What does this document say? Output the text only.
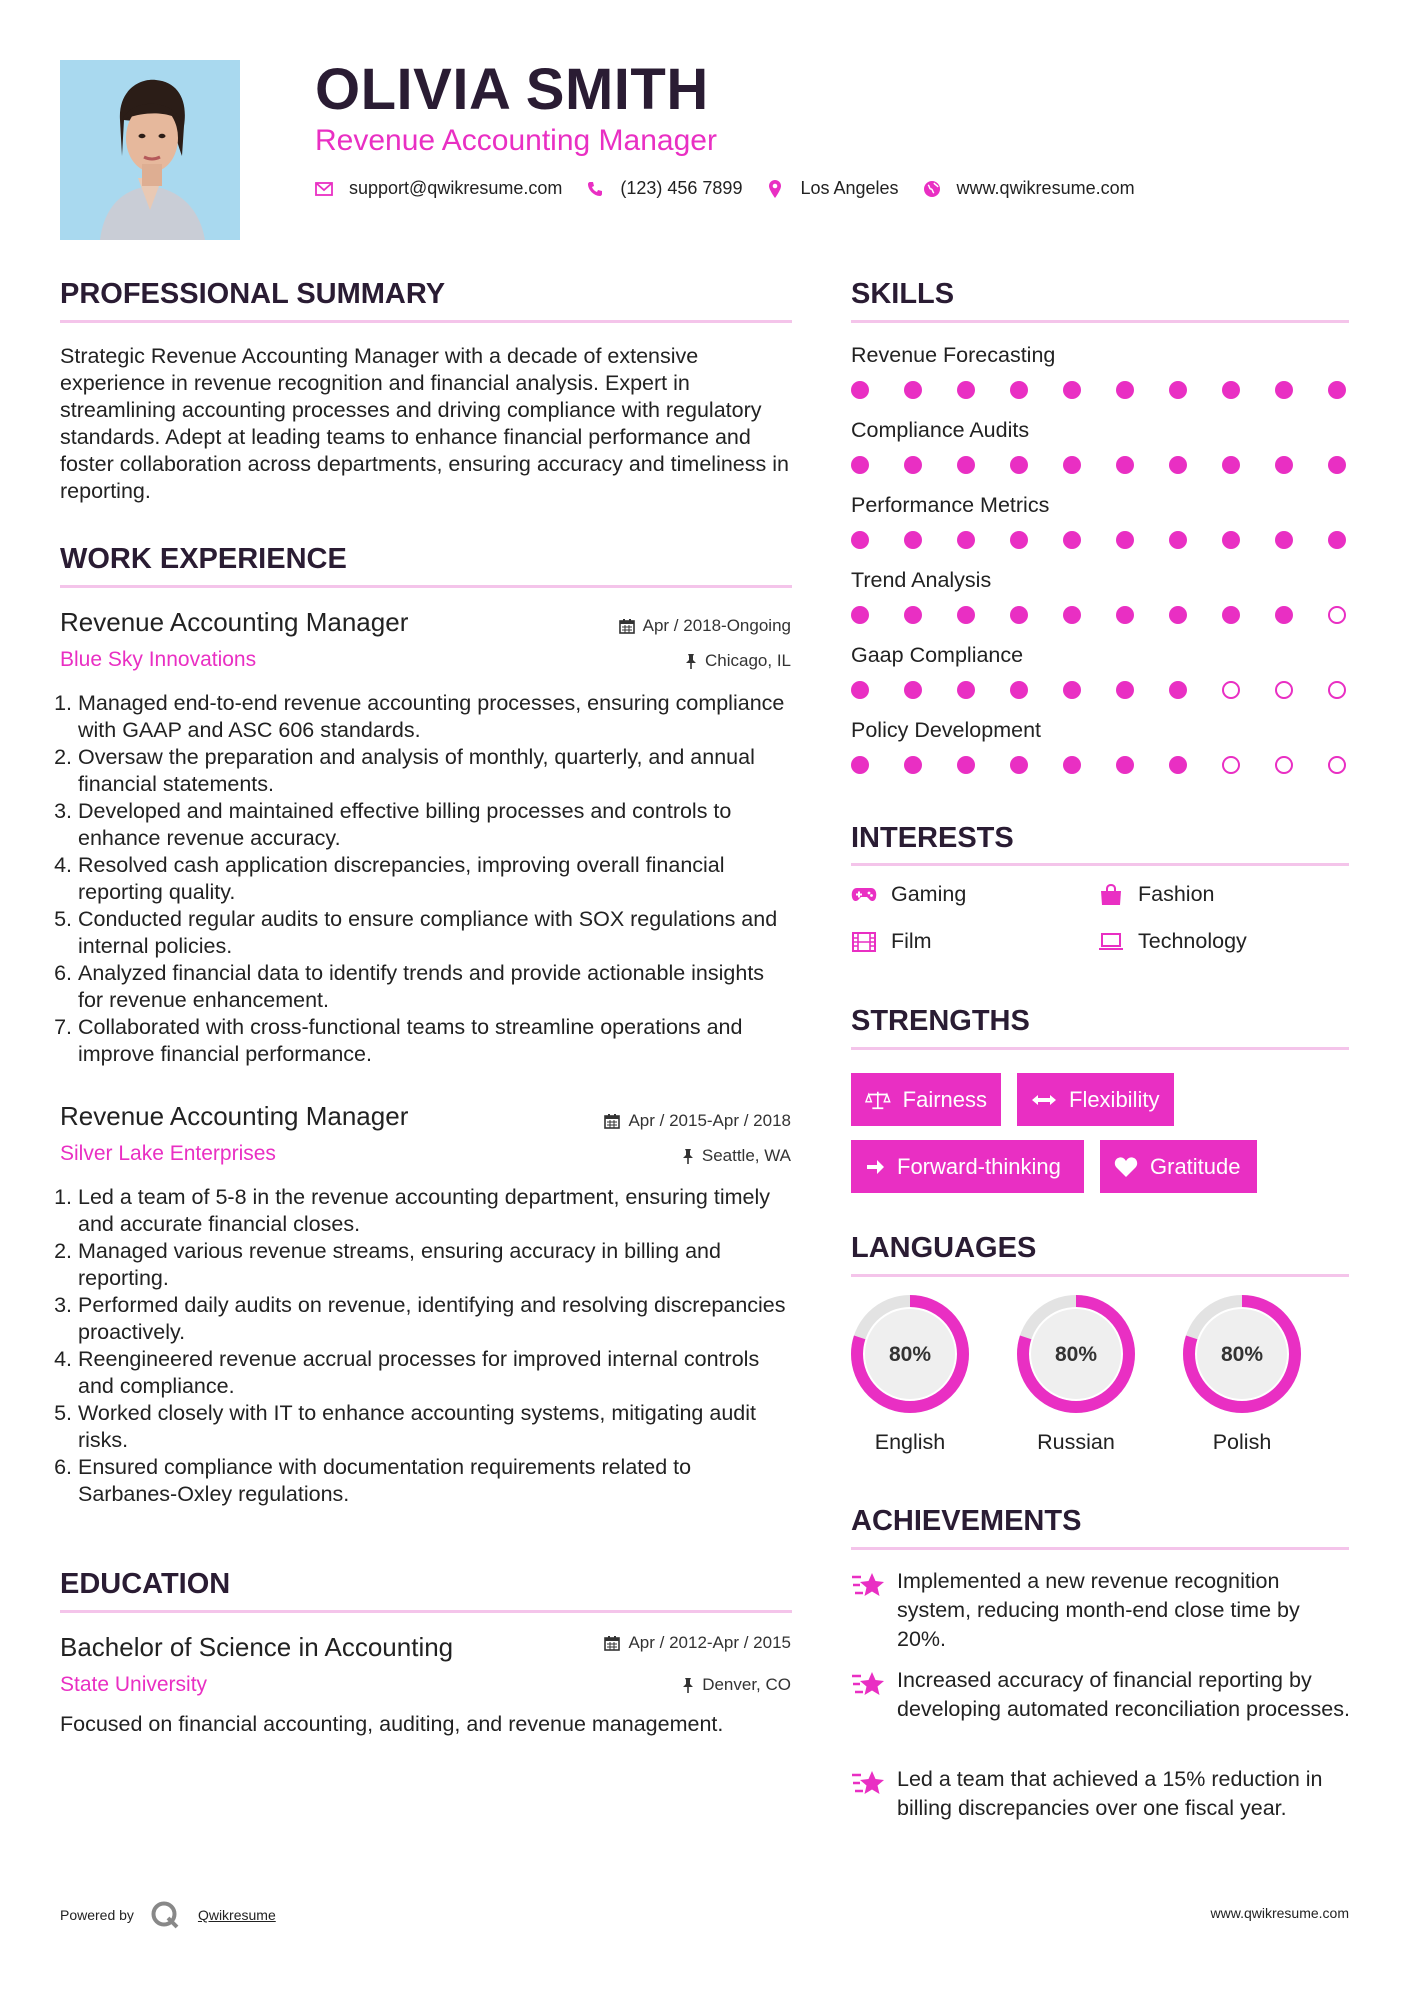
OLIVIA SMITH
Revenue Accounting Manager
support@qwikresume.com	(123) 456 7899	Los Angeles	www.qwikresume.com
PROFESSIONAL SUMMARY
Strategic Revenue Accounting Manager with a decade of extensive experience in revenue recognition and financial analysis. Expert in streamlining accounting processes and driving compliance with regulatory standards. Adept at leading teams to enhance financial performance and foster collaboration across departments, ensuring accuracy and timeliness in reporting.
WORK EXPERIENCE
Revenue Accounting Manager	Apr / 2018-Ongoing
Blue Sky Innovations	Chicago, IL
1. Managed end-to-end revenue accounting processes, ensuring compliance with GAAP and ASC 606 standards.
2. Oversaw the preparation and analysis of monthly, quarterly, and annual financial statements.
3. Developed and maintained effective billing processes and controls to enhance revenue accuracy.
4. Resolved cash application discrepancies, improving overall financial reporting quality.
5. Conducted regular audits to ensure compliance with SOX regulations and internal policies.
6. Analyzed financial data to identify trends and provide actionable insights for revenue enhancement.
7. Collaborated with cross-functional teams to streamline operations and improve financial performance.
Revenue Accounting Manager	Apr / 2015-Apr / 2018
Silver Lake Enterprises	Seattle, WA
1. Led a team of 5-8 in the revenue accounting department, ensuring timely and accurate financial closes.
2. Managed various revenue streams, ensuring accuracy in billing and reporting.
3. Performed daily audits on revenue, identifying and resolving discrepancies proactively.
4. Reengineered revenue accrual processes for improved internal controls and compliance.
5. Worked closely with IT to enhance accounting systems, mitigating audit risks.
6. Ensured compliance with documentation requirements related to Sarbanes-Oxley regulations.
EDUCATION
Bachelor of Science in Accounting	Apr / 2012-Apr / 2015
State University	Denver, CO
Focused on financial accounting, auditing, and revenue management.
SKILLS
Revenue Forecasting
Compliance Audits
Performance Metrics
Trend Analysis
Gaap Compliance
Policy Development
INTERESTS
Gaming	Fashion
Film	Technology
STRENGTHS
Fairness	Flexibility
Forward-thinking	Gratitude
LANGUAGES
80%
English
80%
Russian
80%
Polish
ACHIEVEMENTS
Implemented a new revenue recognition system, reducing month-end close time by 20%.
Increased accuracy of financial reporting by developing automated reconciliation processes.
Led a team that achieved a 15% reduction in billing discrepancies over one fiscal year.
Powered by	Qwikresume	www.qwikresume.com
